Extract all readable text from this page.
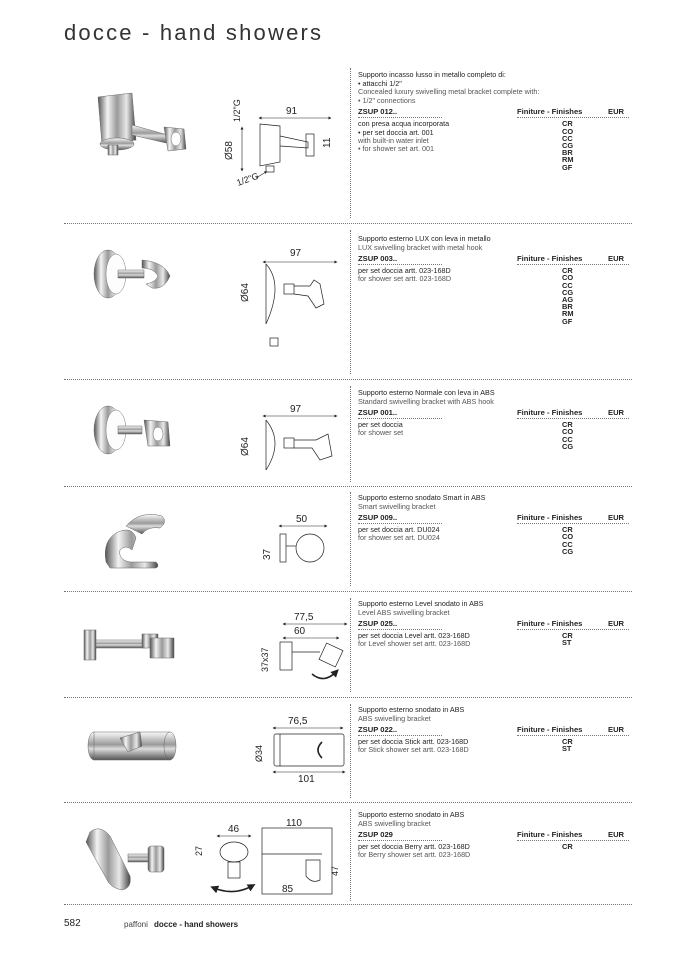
docce - hand showers
91
Ø58
1/2"G
11
1/2"G
Supporto incasso lusso in metallo completo di:
• attacchi 1/2"
Concealed luxury swivelling metal bracket complete with:
• 1/2" connections
ZSUP 012..	Finiture - Finishes	EUR
con presa acqua incorporata
• per set doccia art. 001
with built-in water inlet
• for shower set art. 001
CR
CO
CC
CG
BR
RM
GF
97
Ø64
Supporto esterno LUX con leva in metallo
LUX swivelling bracket with metal hook
ZSUP 003..	Finiture - Finishes	EUR
per set doccia artt. 023-168D
for shower set artt. 023-168D
CR
CO
CC
CG
AG
BR
RM
GF
97
Ø64
Supporto esterno Normale con leva in ABS
Standard swivelling bracket with ABS hook
ZSUP 001..	Finiture - Finishes	EUR
per set doccia
for shower set
CR
CO
CC
CG
50
37
Supporto esterno snodato Smart in ABS
Smart swivelling bracket
ZSUP 009..	Finiture - Finishes	EUR
per set doccia art. DU024
for shower set art. DU024
CR
CO
CC
CG
77,5
60
37x37
Supporto esterno Level snodato in ABS
Level ABS swivelling bracket
ZSUP 025..	Finiture - Finishes	EUR
per set doccia Level artt. 023-168D
for Level shower set artt. 023-168D
CR
ST
76,5
Ø34
101
Supporto esterno snodato in ABS
ABS swivelling bracket
ZSUP 022..	Finiture - Finishes	EUR
per set doccia Stick artt. 023-168D
for Stick shower set artt. 023-168D
CR
ST
46
27
110
47
85
Supporto esterno snodato in ABS
ABS swivelling bracket
ZSUP 029	Finiture - Finishes	EUR
per set doccia Berry artt. 023-168D
for Berry shower set artt. 023-168D
CR
582	paffoni docce - hand showers
